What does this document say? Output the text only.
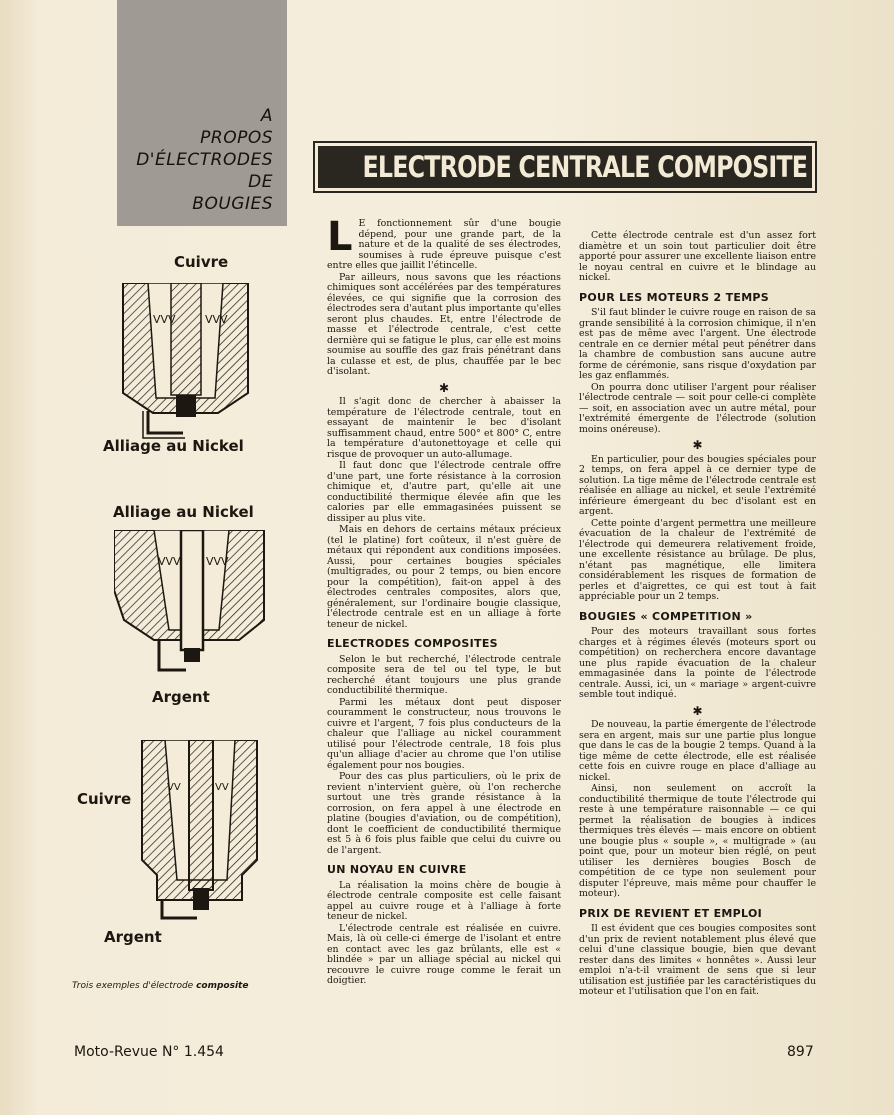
A
PROPOS
D'ÉLECTRODES
DE
BOUGIES
ELECTRODE CENTRALE COMPOSITE
Cuivre
VVV	VVV
Alliage au Nickel
Alliage au Nickel
VVV VVV
Argent
Cuivre
VV	VV
Argent
Trois exemples d'électrode composite

L E fonctionnement sûr d'une bougie dépend, pour une grande part, de la nature et de la qualité de ses électrodes, soumises à rude épreuve puisque c'est entre elles que jaillit l'étincelle.

Par ailleurs, nous savons que les réactions chimiques sont accélérées par des températures élevées, ce qui signifie que la corrosion des électrodes sera d'autant plus importante qu'elles seront plus chaudes. Et, entre l'électrode de masse et l'électrode centrale, c'est cette dernière qui se fatigue le plus, car elle est moins soumise au souffle des gaz frais pénétrant dans la culasse et est, de plus, chauffée par le bec d'isolant.

✱

Il s'agit donc de chercher à abaisser la température de l'électrode centrale, tout en essayant de maintenir le bec d'isolant suffisamment chaud, entre 500° et 800° C, entre la température d'autonettoyage et celle qui risque de provoquer un auto-allumage.

Il faut donc que l'électrode centrale offre d'une part, une forte résistance à la corrosion chimique et, d'autre part, qu'elle ait une conductibilité thermique élevée afin que les calories par elle emmagasinées puissent se dissiper au plus vite.

Mais en dehors de certains métaux précieux (tel le platine) fort coûteux, il n'est guère de métaux qui répondent aux conditions imposées. Aussi, pour certaines bougies spéciales (multigrades, ou pour 2 temps, ou bien encore pour la compétition), fait-on appel à des électrodes centrales composites, alors que, généralement, sur l'ordinaire bougie classique, l'électrode centrale est en un alliage à forte teneur de nickel.

ELECTRODES COMPOSITES

Selon le but recherché, l'électrode centrale composite sera de tel ou tel type, le but recherché étant toujours une plus grande conductibilité thermique.

Parmi les métaux dont peut disposer couramment le constructeur, nous trouvons le cuivre et l'argent, 7 fois plus conducteurs de la chaleur que l'alliage au nickel couramment utilisé pour l'électrode centrale, 18 fois plus qu'un alliage d'acier au chrome que l'on utilise également pour nos bougies.

Pour des cas plus particuliers, où le prix de revient n'intervient guère, où l'on recherche surtout une très grande résistance à la corrosion, on fera appel à une électrode en platine (bougies d'aviation, ou de compétition), dont le coefficient de conductibilité thermique est 5 à 6 fois plus faible que celui du cuivre ou de l'argent.

UN NOYAU EN CUIVRE

La réalisation la moins chère de bougie à électrode centrale composite est celle faisant appel au cuivre rouge et à l'alliage à forte teneur de nickel.

L'électrode centrale est réalisée en cuivre. Mais, là où celle-ci émerge de l'isolant et entre en contact avec les gaz brûlants, elle est « blindée » par un alliage spécial au nickel qui recouvre le cuivre rouge comme le ferait un doigtier.

Cette électrode centrale est d'un assez fort diamètre et un soin tout particulier doit être apporté pour assurer une excellente liaison entre le noyau central en cuivre et le blindage au nickel.

POUR LES MOTEURS 2 TEMPS

S'il faut blinder le cuivre rouge en raison de sa grande sensibilité à la corrosion chimique, il n'en est pas de même avec l'argent. Une électrode centrale en ce dernier métal peut pénétrer dans la chambre de combustion sans aucune autre forme de cérémonie, sans risque d'oxydation par les gaz enflammés.

On pourra donc utiliser l'argent pour réaliser l'électrode centrale — soit pour celle-ci complète — soit, en association avec un autre métal, pour l'extrémité émergente de l'électrode (solution moins onéreuse).

✱

En particulier, pour des bougies spéciales pour 2 temps, on fera appel à ce dernier type de solution. La tige même de l'électrode centrale est réalisée en alliage au nickel, et seule l'extrémité inférieure émergeant du bec d'isolant est en argent.

Cette pointe d'argent permettra une meilleure évacuation de la chaleur de l'extrémité de l'électrode qui demeurera relativement froide, une excellente résistance au brûlage. De plus, n'étant pas magnétique, elle limitera considérablement les risques de formation de perles et d'aigrettes, ce qui est tout à fait appréciable pour un 2 temps.

BOUGIES « COMPETITION »

Pour des moteurs travaillant sous fortes charges et à régimes élevés (moteurs sport ou compétition) on recherchera encore davantage une plus rapide évacuation de la chaleur emmagasinée dans la pointe de l'électrode centrale. Aussi, ici, un « mariage » argent-cuivre semble tout indiqué.

✱

De nouveau, la partie émergente de l'électrode sera en argent, mais sur une partie plus longue que dans le cas de la bougie 2 temps. Quand à la tige même de cette électrode, elle est réalisée cette fois en cuivre rouge en place d'alliage au nickel.

Ainsi, non seulement on accroît la conductibilité thermique de toute l'électrode qui reste à une température raisonnable — ce qui permet la réalisation de bougies à indices thermiques très élevés — mais encore on obtient une bougie plus « souple », « multigrade » (au point que, pour un moteur bien réglé, on peut utiliser les dernières bougies Bosch de compétition de ce type non seulement pour disputer l'épreuve, mais même pour chauffer le moteur).

PRIX DE REVIENT ET EMPLOI

Il est évident que ces bougies composites sont d'un prix de revient notablement plus élevé que celui d'une classique bougie, bien que devant rester dans des limites « honnêtes ». Aussi leur emploi n'a-t-il vraiment de sens que si leur utilisation est justifiée par les caractéristiques du moteur et l'utilisation que l'on en fait.

Moto-Revue N° 1.454	897
